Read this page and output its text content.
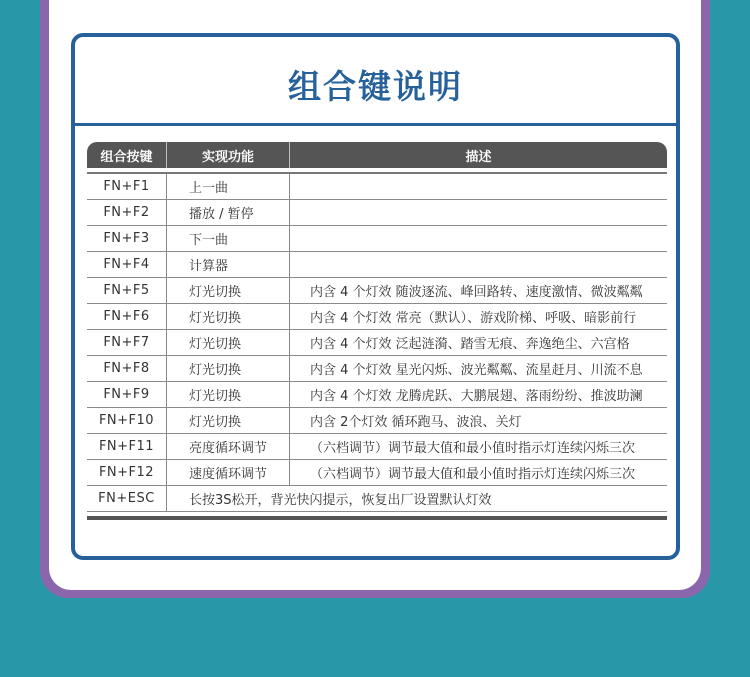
组合键说明
组合按键	实现功能	描述
FN+F1	上一曲
FN+F2	播放 / 暂停
FN+F3	下一曲
FN+F4	计算器
FN+F5	灯光切换	内含 4 个灯效 随波逐流、峰回路转、速度激情、微波粼粼
FN+F6	灯光切换	内含 4 个灯效 常亮（默认）、游戏阶梯、呼吸、暗影前行
FN+F7	灯光切换	内含 4 个灯效 泛起涟漪、踏雪无痕、奔逸绝尘、六宫格
FN+F8	灯光切换	内含 4 个灯效 星光闪烁、波光粼粼、流星赶月、川流不息
FN+F9	灯光切换	内含 4 个灯效 龙腾虎跃、大鹏展翅、落雨纷纷、推波助澜
FN+F10	灯光切换	内含 2个灯效 循环跑马、波浪、关灯
FN+F11	亮度循环调节	（六档调节）调节最大值和最小值时指示灯连续闪烁三次
FN+F12	速度循环调节	（六档调节）调节最大值和最小值时指示灯连续闪烁三次
FN+ESC	长按3S松开，背光快闪提示，恢复出厂设置默认灯效
